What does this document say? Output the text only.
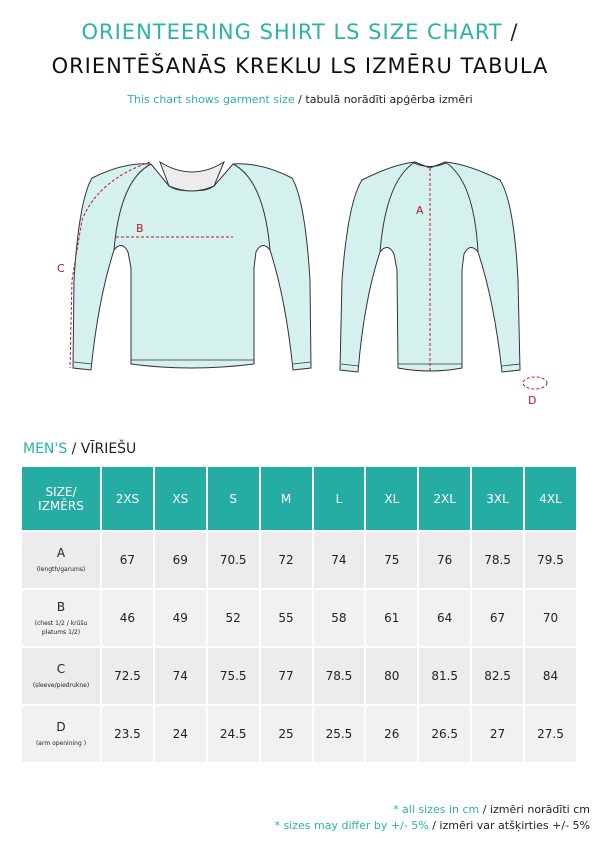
ORIENTEERING SHIRT LS SIZE CHART /
ORIENTĒŠANĀS KREKLU LS IZMĒRU TABULA
This chart shows garment size / tabulā norādīti apģērba izmēri
B
C
A
D
MEN'S / VĪRIEŠU
SIZE/
IZMĒRS	2XS	XS	S	M	L	XL	2XL	3XL	4XL

A
(length/garums)	67	69	70.5	72	74	75	76	78.5	79.5

B
(chest 1/2 / krūšu platums 1/2)	46	49	52	55	58	61	64	67	70

C
(sleeve/piedrukne)	72.5	74	75.5	77	78.5	80	81.5	82.5	84

D
(arm openining )	23.5	24	24.5	25	25.5	26	26.5	27	27.5
* all sizes in cm / izmēri norādīti cm
* sizes may differ by +/- 5% / izmēri var atšķirties +/- 5%
